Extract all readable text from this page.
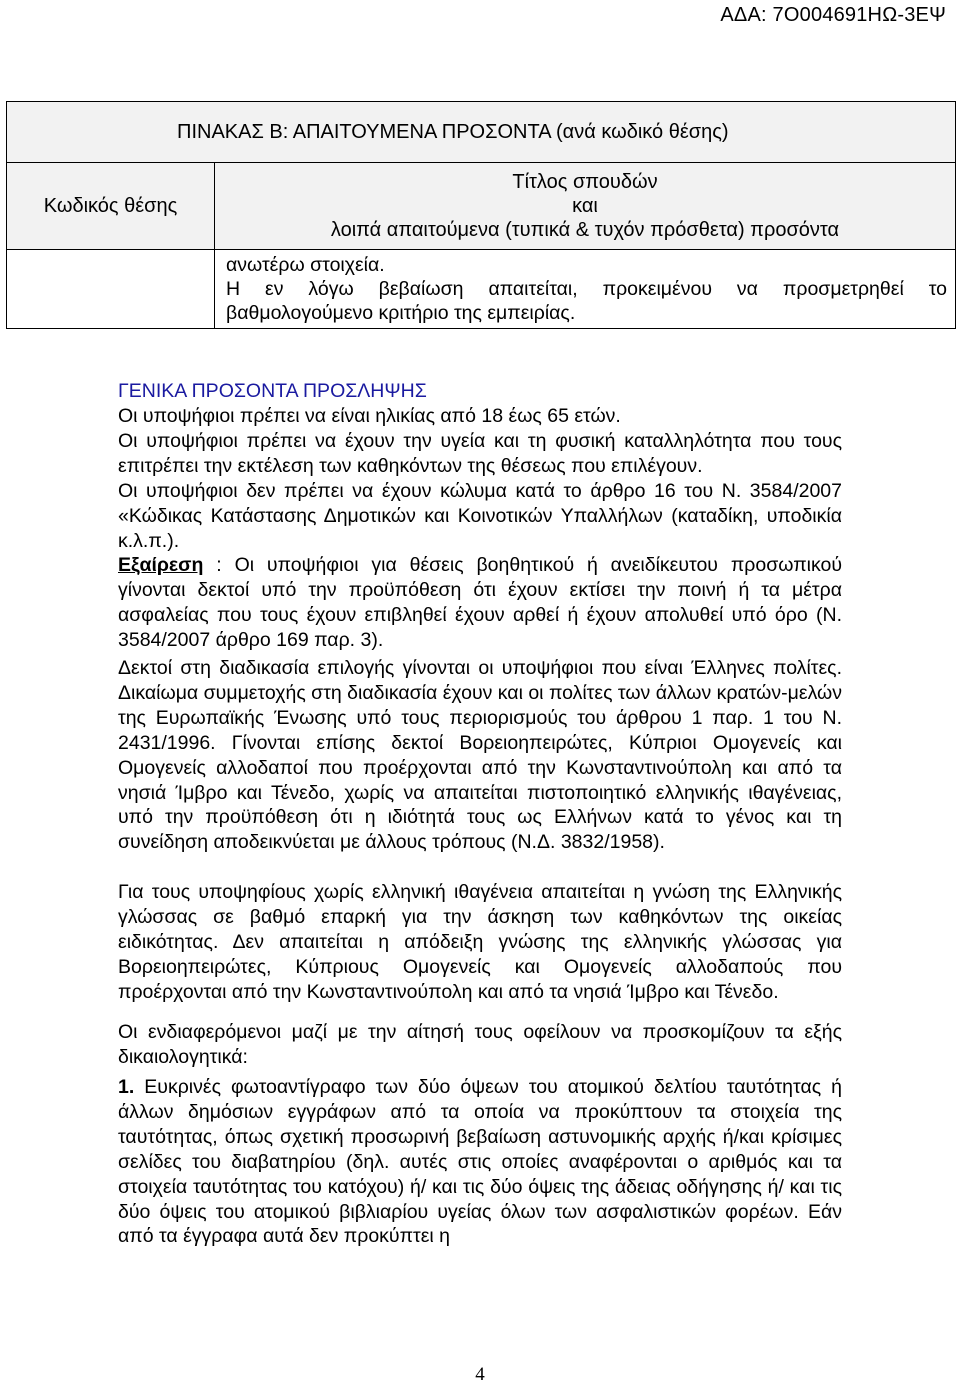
ΑΔΑ: 7Ο004691ΗΩ-3ΕΨ
ΠΙΝΑΚΑΣ Β: ΑΠΑΙΤΟΥΜΕΝΑ ΠΡΟΣΟΝΤΑ (ανά κωδικό θέσης)	
Κωδικός θέσης	Τίτλος σπουδών
και
λοιπά απαιτούμενα (τυπικά & τυχόν πρόσθετα) προσόντα

	ανωτέρω στοιχεία.
Η εν λόγω βεβαίωση απαιτείται, προκειμένου να προσμετρηθεί το
βαθμολογούμενο κριτήριο της εμπειρίας.
ΓΕΝΙΚΑ ΠΡΟΣΟΝΤΑ ΠΡΟΣΛΗΨΗΣ

Οι υποψήφιοι πρέπει να είναι ηλικίας από 18 έως 65 ετών.

Οι υποψήφιοι πρέπει να έχουν την υγεία και τη φυσική καταλληλότητα που τους επιτρέπει την εκτέλεση των καθηκόντων της θέσεως που επιλέγουν.

Οι υποψήφιοι δεν πρέπει να έχουν κώλυμα κατά το άρθρο 16 του Ν. 3584/2007 «Κώδικας Κατάστασης Δημοτικών και Κοινοτικών Υπαλλήλων (καταδίκη, υποδικία κ.λ.π.).

Εξαίρεση : Οι υποψήφιοι για θέσεις βοηθητικού ή ανειδίκευτου προσωπικού γίνονται δεκτοί υπό την προϋπόθεση ότι έχουν εκτίσει την ποινή ή τα μέτρα ασφαλείας που τους έχουν επιβληθεί έχουν αρθεί ή έχουν απολυθεί υπό όρο (Ν. 3584/2007 άρθρο 169 παρ. 3).

Δεκτοί στη διαδικασία επιλογής γίνονται οι υποψήφιοι που είναι Έλληνες πολίτες. Δικαίωμα συμμετοχής στη διαδικασία έχουν και οι πολίτες των άλλων κρατών-μελών της Ευρωπαϊκής Ένωσης υπό τους περιορισμούς του άρθρου 1 παρ. 1 του Ν. 2431/1996. Γίνονται επίσης δεκτοί Βορειοηπειρώτες, Κύπριοι Ομογενείς και Ομογενείς αλλοδαποί που προέρχονται από την Κωνσταντινούπολη και από τα νησιά Ίμβρο και Τένεδο, χωρίς να απαιτείται πιστοποιητικό ελληνικής ιθαγένειας, υπό την προϋπόθεση ότι η ιδιότητά τους ως Ελλήνων κατά το γένος και τη συνείδηση αποδεικνύεται με άλλους τρόπους (Ν.Δ. 3832/1958).

Για τους υποψηφίους χωρίς ελληνική ιθαγένεια απαιτείται η γνώση της Ελληνικής γλώσσας σε βαθμό επαρκή για την άσκηση των καθηκόντων της οικείας ειδικότητας. Δεν απαιτείται η απόδειξη γνώσης της ελληνικής γλώσσας για Βορειοηπειρώτες, Κύπριους Ομογενείς και Ομογενείς αλλοδαπούς που προέρχονται από την Κωνσταντινούπολη και από τα νησιά Ίμβρο και Τένεδο.

Οι ενδιαφερόμενοι μαζί με την αίτησή τους οφείλουν να προσκομίζουν τα εξής δικαιολογητικά:

1. Ευκρινές φωτοαντίγραφο των δύο όψεων του ατομικού δελτίου ταυτότητας ή άλλων δημόσιων εγγράφων από τα οποία να προκύπτουν τα στοιχεία της ταυτότητας, όπως σχετική προσωρινή βεβαίωση αστυνομικής αρχής ή/και κρίσιμες σελίδες του διαβατηρίου (δηλ. αυτές στις οποίες αναφέρονται ο αριθμός και τα στοιχεία ταυτότητας του κατόχου) ή/ και τις δύο όψεις της άδειας οδήγησης ή/ και τις δύο όψεις του ατομικού βιβλιαρίου υγείας όλων των ασφαλιστικών φορέων. Εάν από τα έγγραφα αυτά δεν προκύπτει η

4
